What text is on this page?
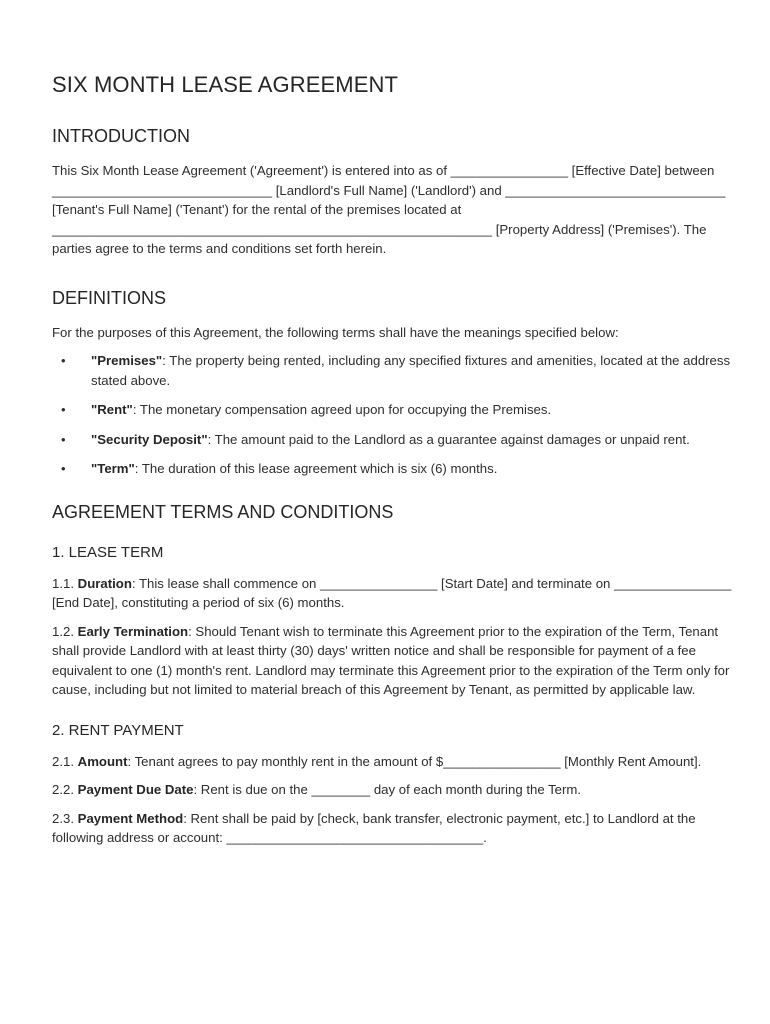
SIX MONTH LEASE AGREEMENT
INTRODUCTION

This Six Month Lease Agreement ('Agreement') is entered into as of ________________ [Effective Date] between ______________________________ [Landlord's Full Name] ('Landlord') and ______________________________ [Tenant's Full Name] ('Tenant') for the rental of the premises located at ____________________________________________________________ [Property Address] ('Premises'). The parties agree to the terms and conditions set forth herein.

DEFINITIONS

For the purposes of this Agreement, the following terms shall have the meanings specified below:

• "Premises": The property being rented, including any specified fixtures and amenities, located at the address stated above.
• "Rent": The monetary compensation agreed upon for occupying the Premises.
• "Security Deposit": The amount paid to the Landlord as a guarantee against damages or unpaid rent.
• "Term": The duration of this lease agreement which is six (6) months.
AGREEMENT TERMS AND CONDITIONS
1. LEASE TERM

1.1. Duration: This lease shall commence on ________________ [Start Date] and terminate on ________________ [End Date], constituting a period of six (6) months.

1.2. Early Termination: Should Tenant wish to terminate this Agreement prior to the expiration of the Term, Tenant shall provide Landlord with at least thirty (30) days' written notice and shall be responsible for payment of a fee equivalent to one (1) month's rent. Landlord may terminate this Agreement prior to the expiration of the Term only for cause, including but not limited to material breach of this Agreement by Tenant, as permitted by applicable law.

2. RENT PAYMENT

2.1. Amount: Tenant agrees to pay monthly rent in the amount of $________________ [Monthly Rent Amount].

2.2. Payment Due Date: Rent is due on the ________ day of each month during the Term.

2.3. Payment Method: Rent shall be paid by [check, bank transfer, electronic payment, etc.] to Landlord at the following address or account: ___________________________________.
